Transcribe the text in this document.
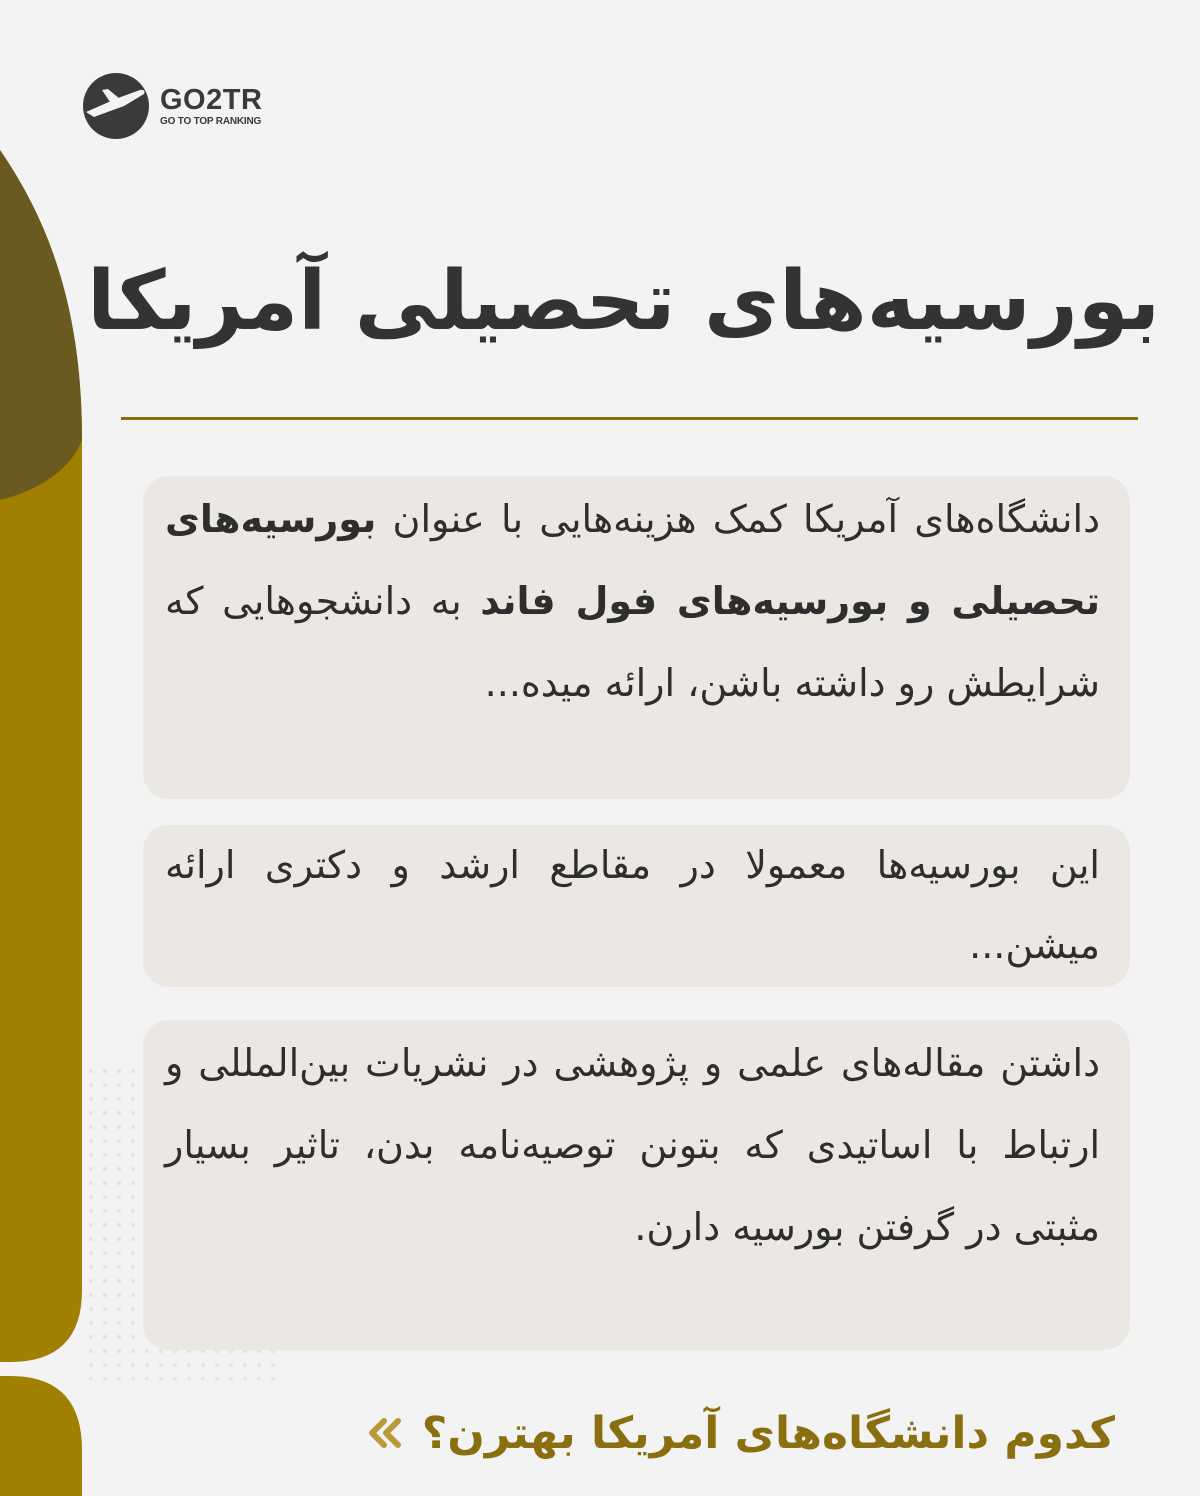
GO2TR
GO TO TOP RANKING
بورسیه‌های تحصیلی آمریکا
دانشگاه‌های آمریکا کمک هزینه‌هایی با عنوان بورسیه‌های تحصیلی و بورسیه‌های فول فاند به دانشجوهایی که شرایطش رو داشته باشن، ارائه میده...
این بورسیه‌ها معمولا در مقاطع ارشد و دکتری ارائه میشن...
داشتن مقاله‌های علمی و پژوهشی در نشریات بین‌المللی و ارتباط با اساتیدی که بتونن توصیه‌نامه بدن، تاثیر بسیار مثبتی در گرفتن بورسیه دارن.
کدوم دانشگاه‌های آمریکا بهترن؟
